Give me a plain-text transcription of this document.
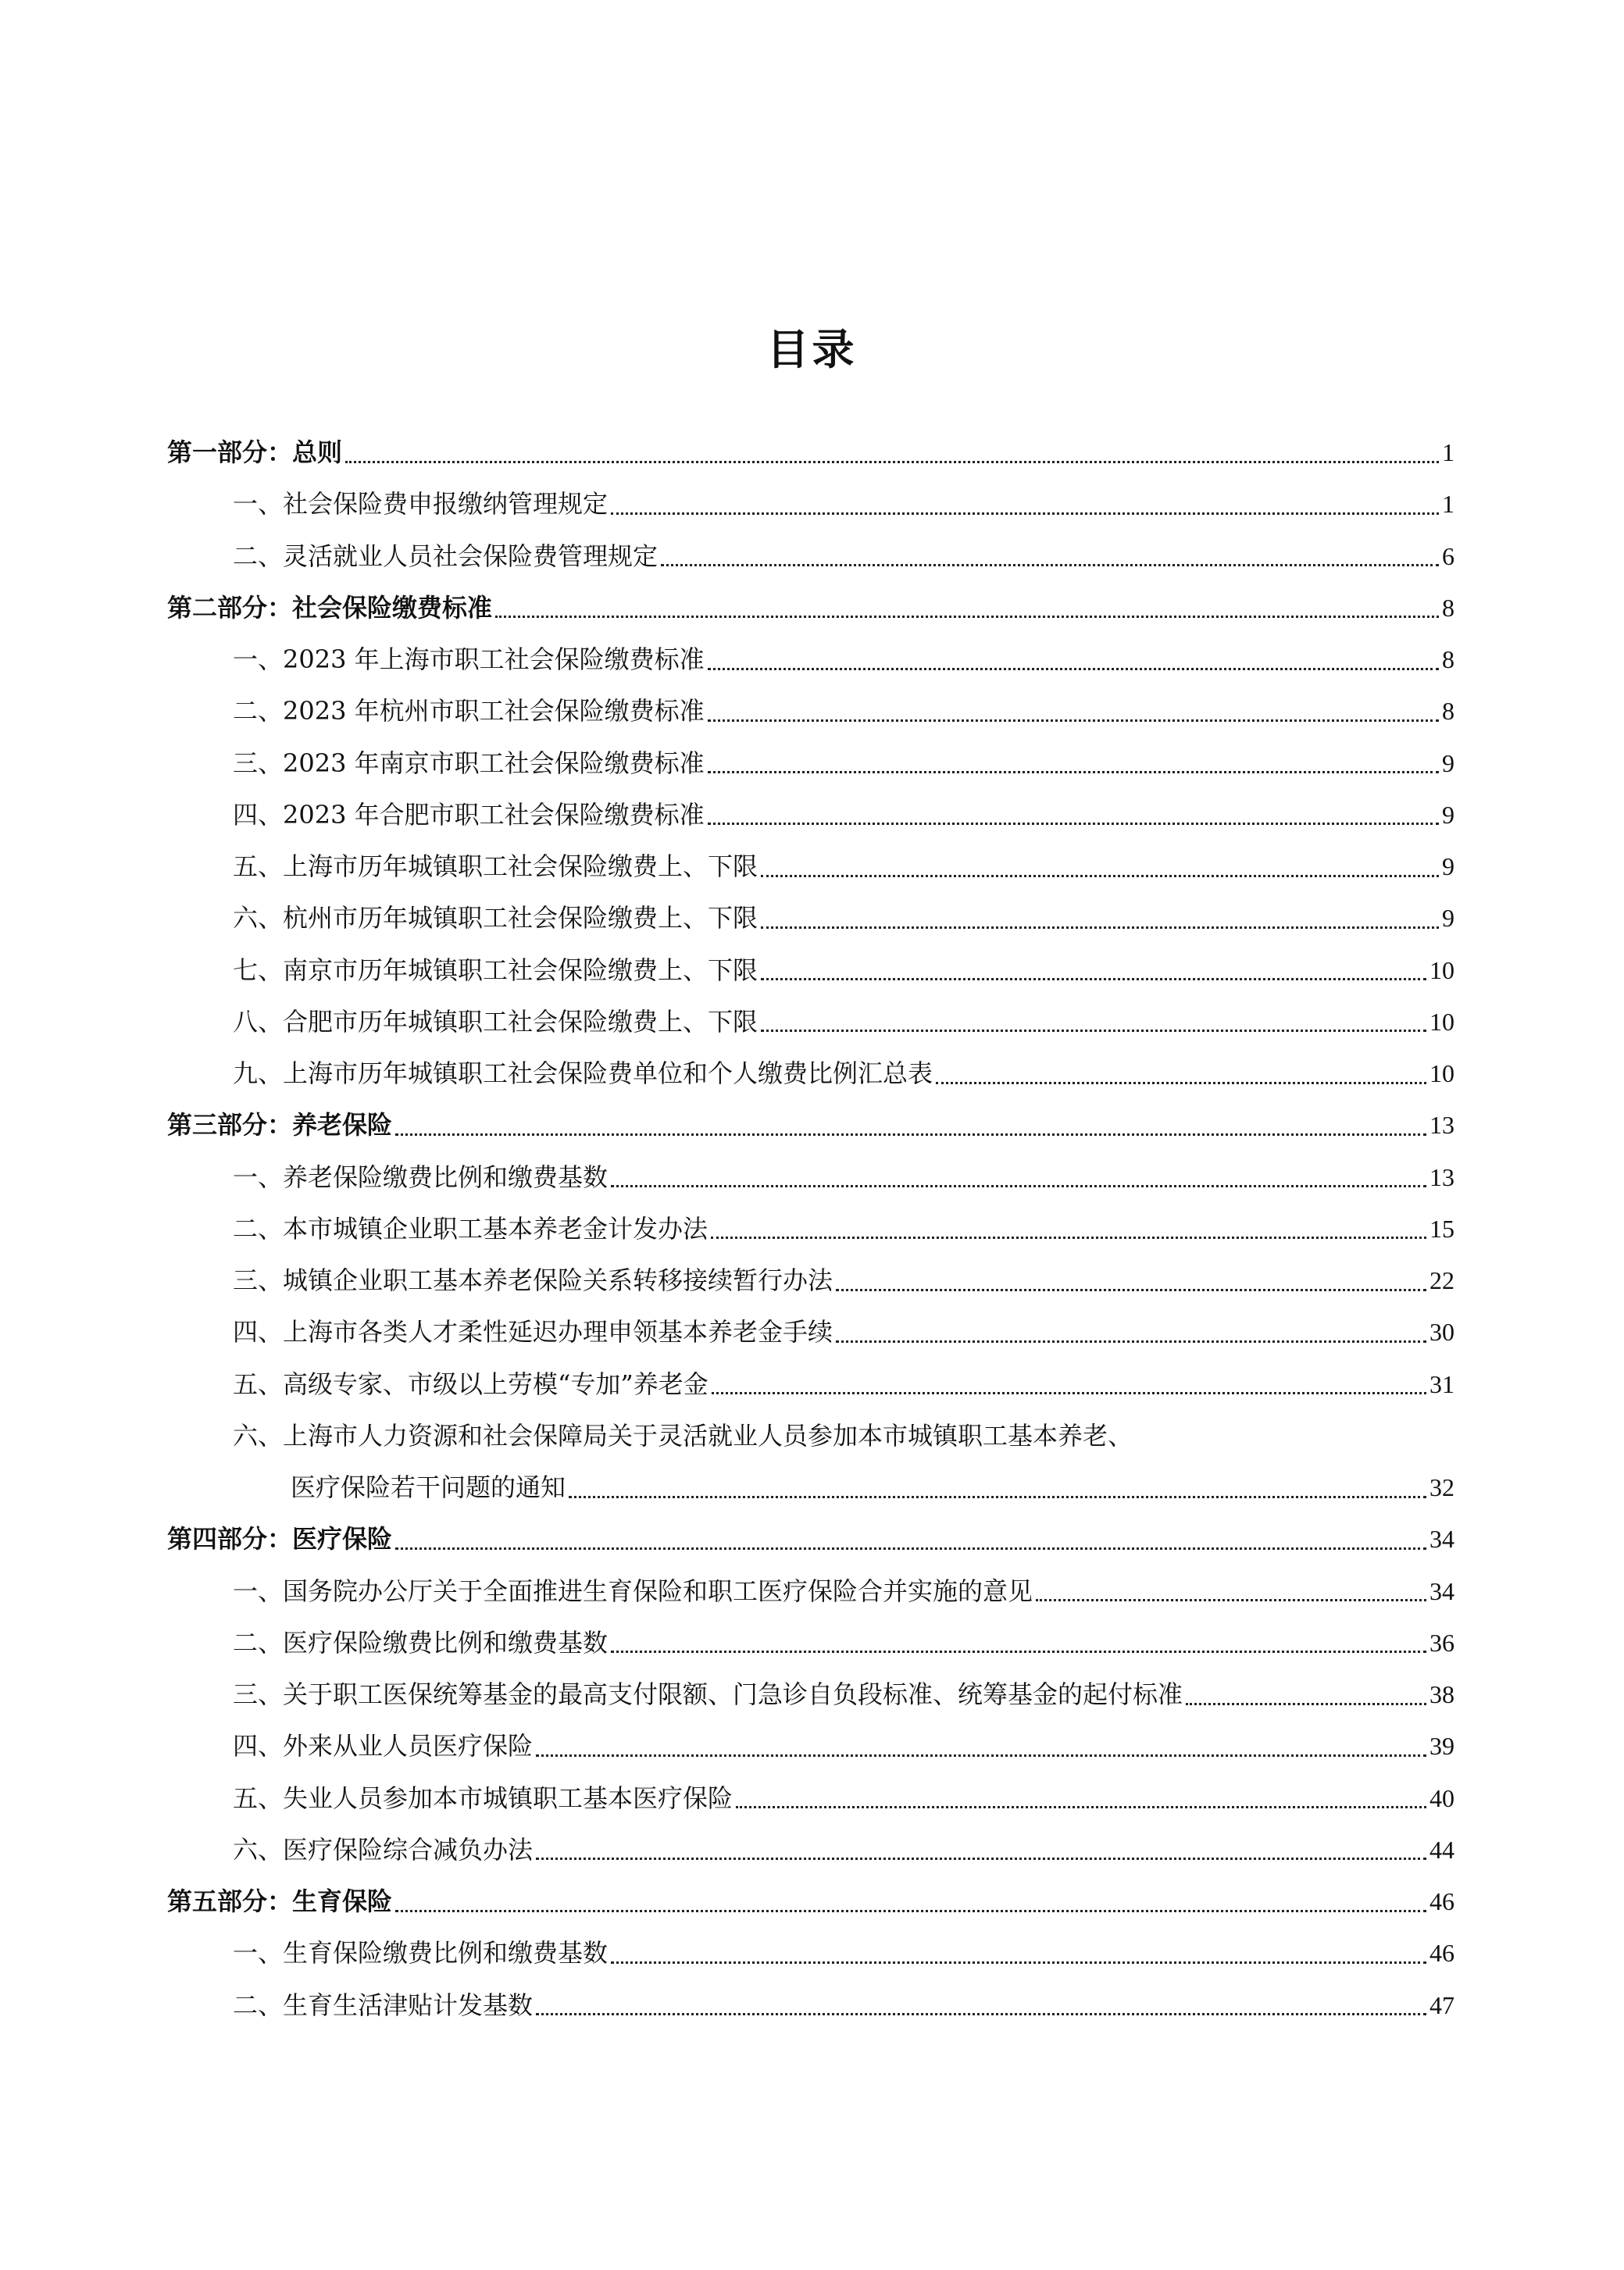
目录
第一部分：总则	1
一、社会保险费申报缴纳管理规定	1
二、灵活就业人员社会保险费管理规定	6
第二部分：社会保险缴费标准	8
一、2023 年上海市职工社会保险缴费标准	8
二、2023 年杭州市职工社会保险缴费标准	8
三、2023 年南京市职工社会保险缴费标准	9
四、2023 年合肥市职工社会保险缴费标准	9
五、上海市历年城镇职工社会保险缴费上、下限	9
六、杭州市历年城镇职工社会保险缴费上、下限	9
七、南京市历年城镇职工社会保险缴费上、下限	10
八、合肥市历年城镇职工社会保险缴费上、下限	10
九、上海市历年城镇职工社会保险费单位和个人缴费比例汇总表	10
第三部分：养老保险	13
一、养老保险缴费比例和缴费基数	13
二、本市城镇企业职工基本养老金计发办法	15
三、城镇企业职工基本养老保险关系转移接续暂行办法	22
四、上海市各类人才柔性延迟办理申领基本养老金手续	30
五、高级专家、市级以上劳模“专加”养老金	31
六、上海市人力资源和社会保障局关于灵活就业人员参加本市城镇职工基本养老、
医疗保险若干问题的通知	32
第四部分：医疗保险	34
一、国务院办公厅关于全面推进生育保险和职工医疗保险合并实施的意见	34
二、医疗保险缴费比例和缴费基数	36
三、关于职工医保统筹基金的最高支付限额、门急诊自负段标准、统筹基金的起付标准	38
四、外来从业人员医疗保险	39
五、失业人员参加本市城镇职工基本医疗保险	40
六、医疗保险综合减负办法	44
第五部分：生育保险	46
一、生育保险缴费比例和缴费基数	46
二、生育生活津贴计发基数	47
